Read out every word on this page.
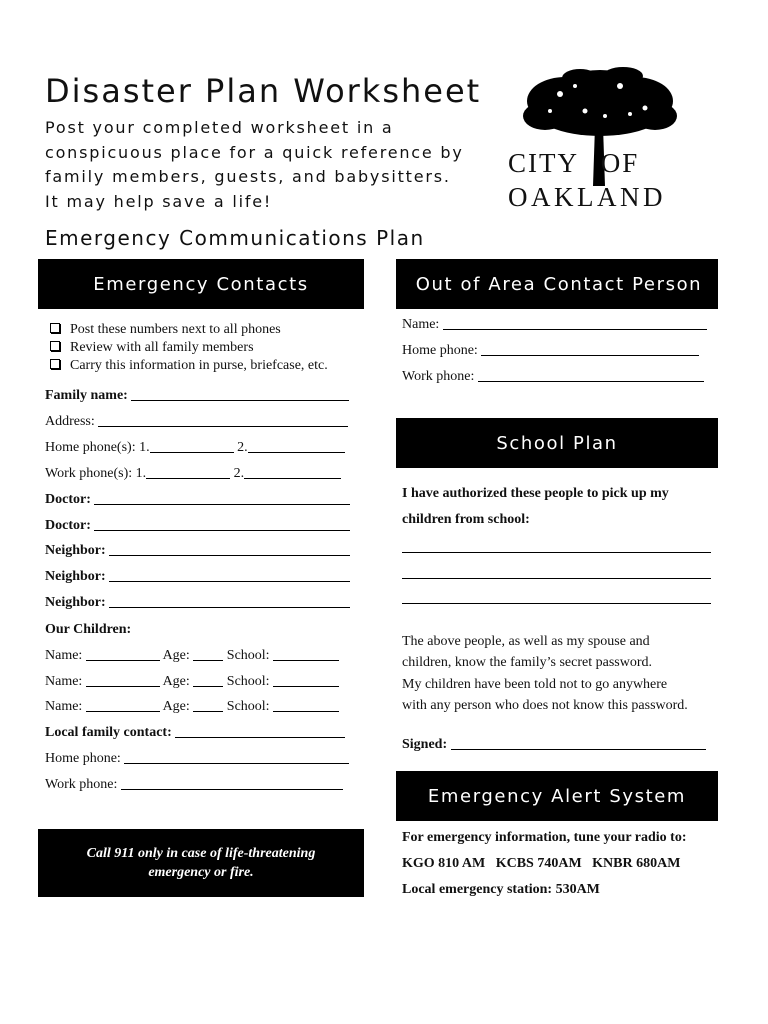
Disaster Plan Worksheet
Post your completed worksheet in a
conspicuous place for a quick reference by
family members, guests, and babysitters.
It may help save a life!
Emergency Communications Plan
CITY OF
OAKLAND
Emergency Contacts
Post these numbers next to all phones
Review with all family members
Carry this information in purse, briefcase, etc.
Family name:
Address:
Home phone(s): 1.	2.
Work phone(s): 1.	2.
Doctor:
Doctor:
Neighbor:
Neighbor:
Neighbor:
Our Children:
Name:	Age:	School:
Name:	Age:	School:
Name:	Age:	School:
Local family contact:
Home phone:
Work phone:
Call 911 only in case of life-threatening
emergency or fire.
Out of Area Contact Person
Name:
Home phone:
Work phone:
School Plan
I have authorized these people to pick up my
children from school:
The above people, as well as my spouse and
children, know the family’s secret password.
My children have been told not to go anywhere
with any person who does not know this password.
Signed:
Emergency Alert System
For emergency information, tune your radio to:
KGO 810 AM   KCBS 740AM   KNBR 680AM
Local emergency station: 530AM
